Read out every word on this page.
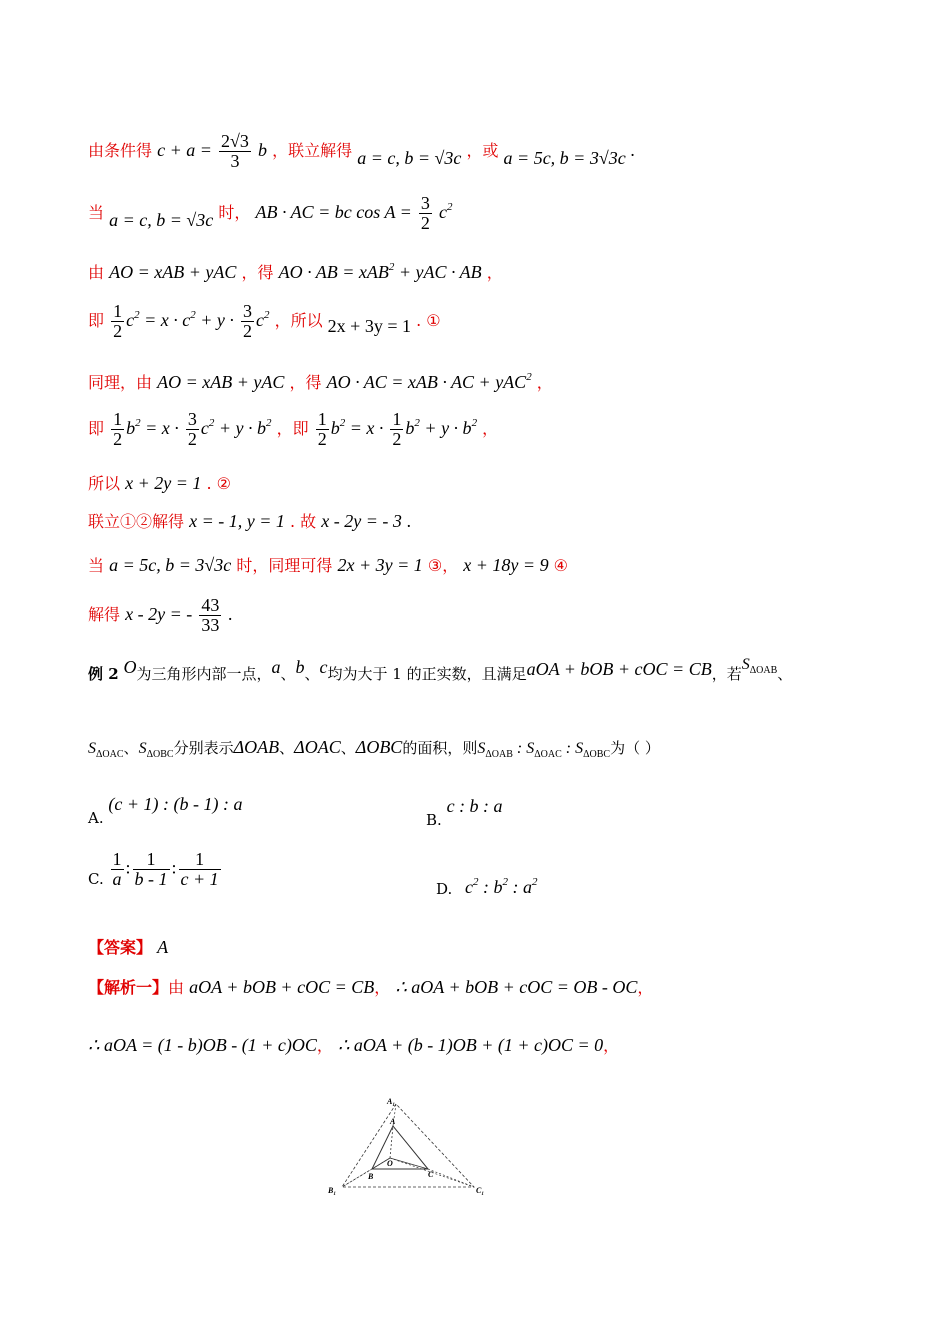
由条件得 $c + a = \frac{2√3}{3}$ b ，联立解得 a = c, b = √3c ，或 a = 5c, b = 3√3c .
当 a = c, b = √3c 时， AB · AC = bc $\cos A = \frac{3}{2} c^2$
由 AO = xAB + yAC ，得 AO · AB = xAB$^2$ + yAC · AB ，
即 $\frac{1}{2} c^2 = x \cdot c^2 + y \cdot \frac{3}{2} c^2$ ，所以 2x + 3y = 1 . ①
同理，由 AO = xAB + yAC ，得 AO · AC = xAB · AC + yAC$^2$ ，
即 $\frac{1}{2} b^2 = x \cdot \frac{3}{2} c^2 + y \cdot b^2$ ，即 $\frac{1}{2} b^2 = x \cdot \frac{1}{2} b^2 + y \cdot b^2$ ，
所以 x + 2y = 1 . ②
联立①②解得 x = - 1, y = 1 . 故 x - 2y = - 3 .
当 a = 5c, b = 3√3c 时，同理可得 2x + 3y = 1 ③， x + 18y = 9 ④
解得 x - 2y = - $\frac{43}{33}$ .
例 2 O为三角形内部一点，a、b、c均为大于 1 的正实数，且满足aOA + bOB + cOC = CB，若$S_{\Delta OAB}$、
$S_{\Delta OAC}$、$S_{\Delta OBC}$分别表示ΔOAB、ΔOAC、ΔOBC的面积，则$S_{\Delta OAB}$ : $S_{\Delta OAC}$ : $S_{\Delta OBC}$为（ ）
A. (c + 1) : (b - 1) : a
B. c : b : a
C. $\frac{1}{a}$ : $\frac{1}{b - 1}$ : $\frac{1}{c + 1}$
D. $c^2$ : $b^2$ : $a^2$
【答案】 A
【解析一】由 aOA + bOB + cOC = CB， ∴ aOA + bOB + cOC = OB - OC，
∴ aOA = (1 - b)OB - (1 + c)OC， ∴ aOA + (b - 1)OB + (1 + c)OC = 0，
$A_1$
A
O
B	C
$B_1$	$C_1$
